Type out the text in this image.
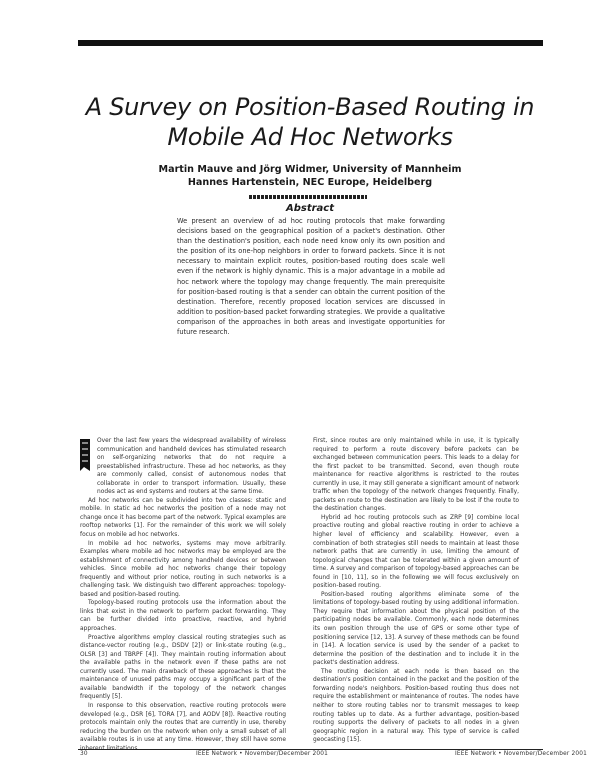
A Survey on Position-Based Routing in
Mobile Ad Hoc Networks
Martin Mauve and Jörg Widmer, University of Mannheim
Hannes Hartenstein, NEC Europe, Heidelberg
Abstract
We present an overview of ad hoc routing protocols that make forwarding decisions based on the geographical position of a packet's destination. Other than the destination's position, each node need know only its own position and the position of its one-hop neighbors in order to forward packets. Since it is not necessary to maintain explicit routes, position-based routing does scale well even if the network is highly dynamic. This is a major advantage in a mobile ad hoc network where the topology may change frequently. The main prerequisite for position-based routing is that a sender can obtain the current position of the destination. Therefore, recently proposed location services are discussed in addition to position-based packet forwarding strategies. We provide a qualitative comparison of the approaches in both areas and investigate opportunities for future research.

Over the last few years the widespread availability of wireless communication and handheld devices has stimulated research on self-organizing networks that do not require a preestablished infrastructure. These ad hoc networks, as they are commonly called, consist of autonomous nodes that collaborate in order to transport information. Usually, these nodes act as end systems and routers at the same time.

Ad hoc networks can be subdivided into two classes: static and mobile. In static ad hoc networks the position of a node may not change once it has become part of the network. Typical examples are rooftop networks [1]. For the remainder of this work we will solely focus on mobile ad hoc networks.

In mobile ad hoc networks, systems may move arbitrarily. Examples where mobile ad hoc networks may be employed are the establishment of connectivity among handheld devices or between vehicles. Since mobile ad hoc networks change their topology frequently and without prior notice, routing in such networks is a challenging task. We distinguish two different approaches: topology-based and position-based routing.

Topology-based routing protocols use the information about the links that exist in the network to perform packet forwarding. They can be further divided into proactive, reactive, and hybrid approaches.

Proactive algorithms employ classical routing strategies such as distance-vector routing (e.g., DSDV [2]) or link-state routing (e.g., OLSR [3] and TBRPF [4]). They maintain routing information about the available paths in the network even if these paths are not currently used. The main drawback of these approaches is that the maintenance of unused paths may occupy a significant part of the available bandwidth if the topology of the network changes frequently [5].

In response to this observation, reactive routing protocols were developed (e.g., DSR [6], TORA [7], and AODV [8]). Reactive routing protocols maintain only the routes that are currently in use, thereby reducing the burden on the network when only a small subset of all available routes is in use at any time. However, they still have some

First, since routes are only maintained while in use, it is typically required to perform a route discovery before packets can be exchanged between communication peers. This leads to a delay for the first packet to be transmitted. Second, even though route maintenance for reactive algorithms is restricted to the routes currently in use, it may still generate a significant amount of network traffic when the topology of the network changes frequently. Finally, packets en route to the destination are likely to be lost if the route to the destination changes.

Hybrid ad hoc routing protocols such as ZRP [9] combine local proactive routing and global reactive routing in order to achieve a higher level of efficiency and scalability. However, even a combination of both strategies still needs to maintain at least those network paths that are currently in use, limiting the amount of topological changes that can be tolerated within a given amount of time. A survey and comparison of topology-based approaches can be found in [10, 11], so in the following we will focus exclusively on position-based routing.

Position-based routing algorithms eliminate some of the limitations of topology-based routing by using additional information. They require that information about the physical position of the participating nodes be available. Commonly, each node determines its own position through the use of GPS or some other type of positioning service [12, 13]. A survey of these methods can be found in [14]. A location service is used by the sender of a packet to determine the position of the destination and to include it in the packet's destination address.

The routing decision at each node is then based on the destination's position contained in the packet and the position of the forwarding node's neighbors. Position-based routing thus does not require the establishment or maintenance of routes. The nodes have neither to store routing tables nor to transmit messages to keep routing tables up to date. As a further advantage, position-based routing supports the delivery of packets to all nodes in a given geographic region in a natural way. This type of service is called geocasting [15].

30	IEEE Network • November/December 2001	IEEE Network • November/December 2001
